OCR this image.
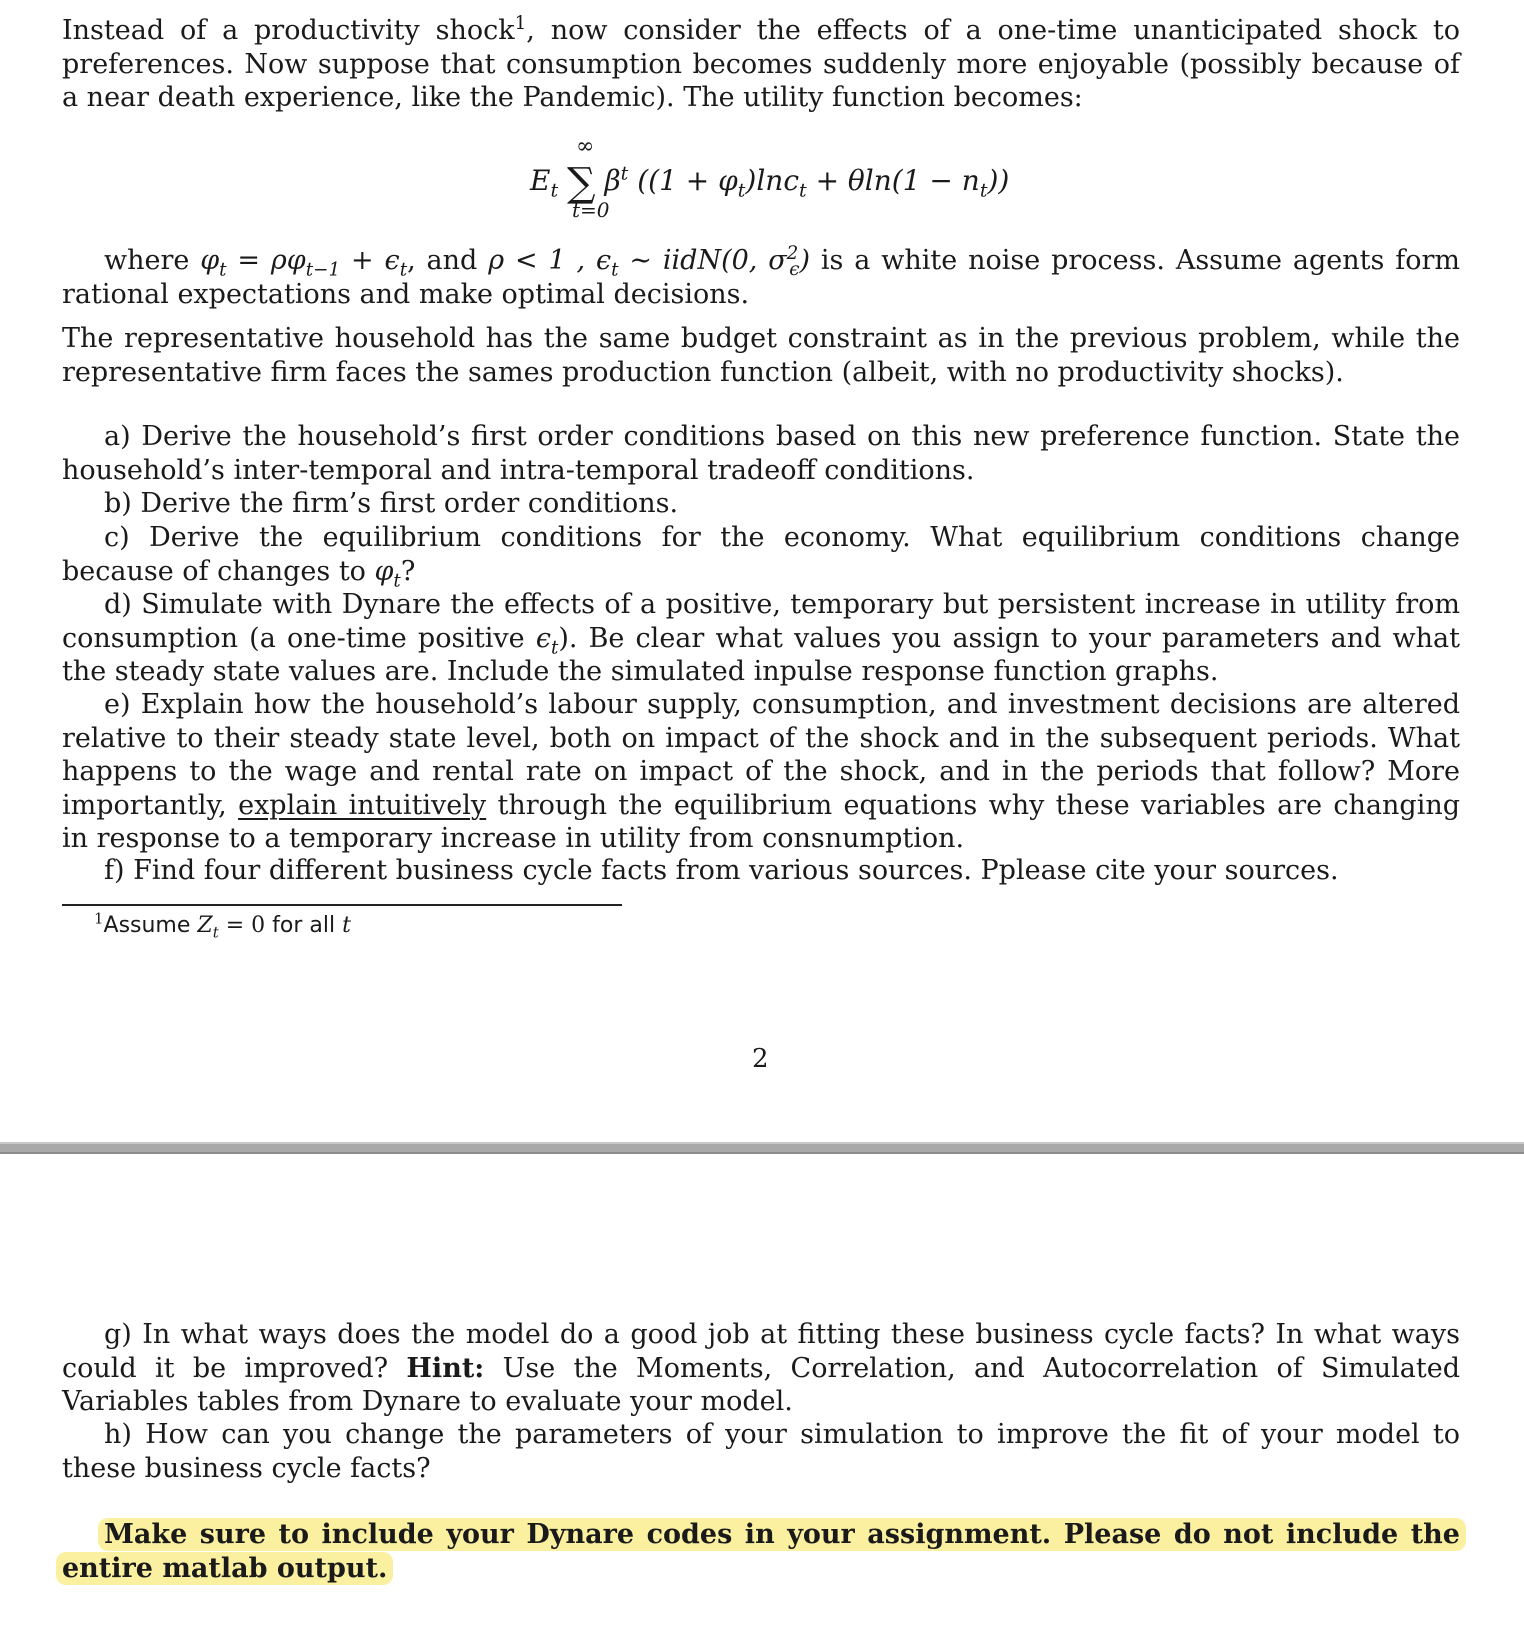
Instead of a productivity shock$^1$, now consider the effects of a one-time unanticipated shock to preferences. Now suppose that consumption becomes suddenly more enjoyable (possibly because of a near death experience, like the Pandemic). The utility function becomes:
∞
$E_t$ ∑ $\beta^t$ $((1 + \varphi_t)\ln c_t + \theta\ln(1 - n_t))$
t=0
where $\varphi_t = \rho\varphi_{t-1} + \epsilon_t$, and ρ < 1 , $\epsilon_t$ ∼ iidN(0, $\sigma^2_\epsilon$) is a white noise process. Assume agents form rational expectations and make optimal decisions.
The representative household has the same budget constraint as in the previous problem, while the representative firm faces the sames production function (albeit, with no productivity shocks).
a) Derive the household’s first order conditions based on this new preference function. State the household’s inter-temporal and intra-temporal tradeoff conditions.
b) Derive the firm’s first order conditions.
c) Derive the equilibrium conditions for the economy. What equilibrium conditions change because of changes to $\varphi_t$?
d) Simulate with Dynare the effects of a positive, temporary but persistent increase in utility from consumption (a one-time positive $\epsilon_t$). Be clear what values you assign to your parameters and what the steady state values are. Include the simulated inpulse response function graphs.
e) Explain how the household’s labour supply, consumption, and investment decisions are altered relative to their steady state level, both on impact of the shock and in the subsequent periods. What happens to the wage and rental rate on impact of the shock, and in the periods that follow? More importantly, explain intuitively through the equilibrium equations why these variables are changing in response to a temporary increase in utility from consnumption.
f) Find four different business cycle facts from various sources. Pplease cite your sources.
$^1$Assume $Z_t = 0$ for all t
2
g) In what ways does the model do a good job at fitting these business cycle facts? In what ways could it be improved? Hint: Use the Moments, Correlation, and Autocorrelation of Simulated Variables tables from Dynare to evaluate your model.
h) How can you change the parameters of your simulation to improve the fit of your model to these business cycle facts?
Make sure to include your Dynare codes in your assignment. Please do not include the entire matlab output.
